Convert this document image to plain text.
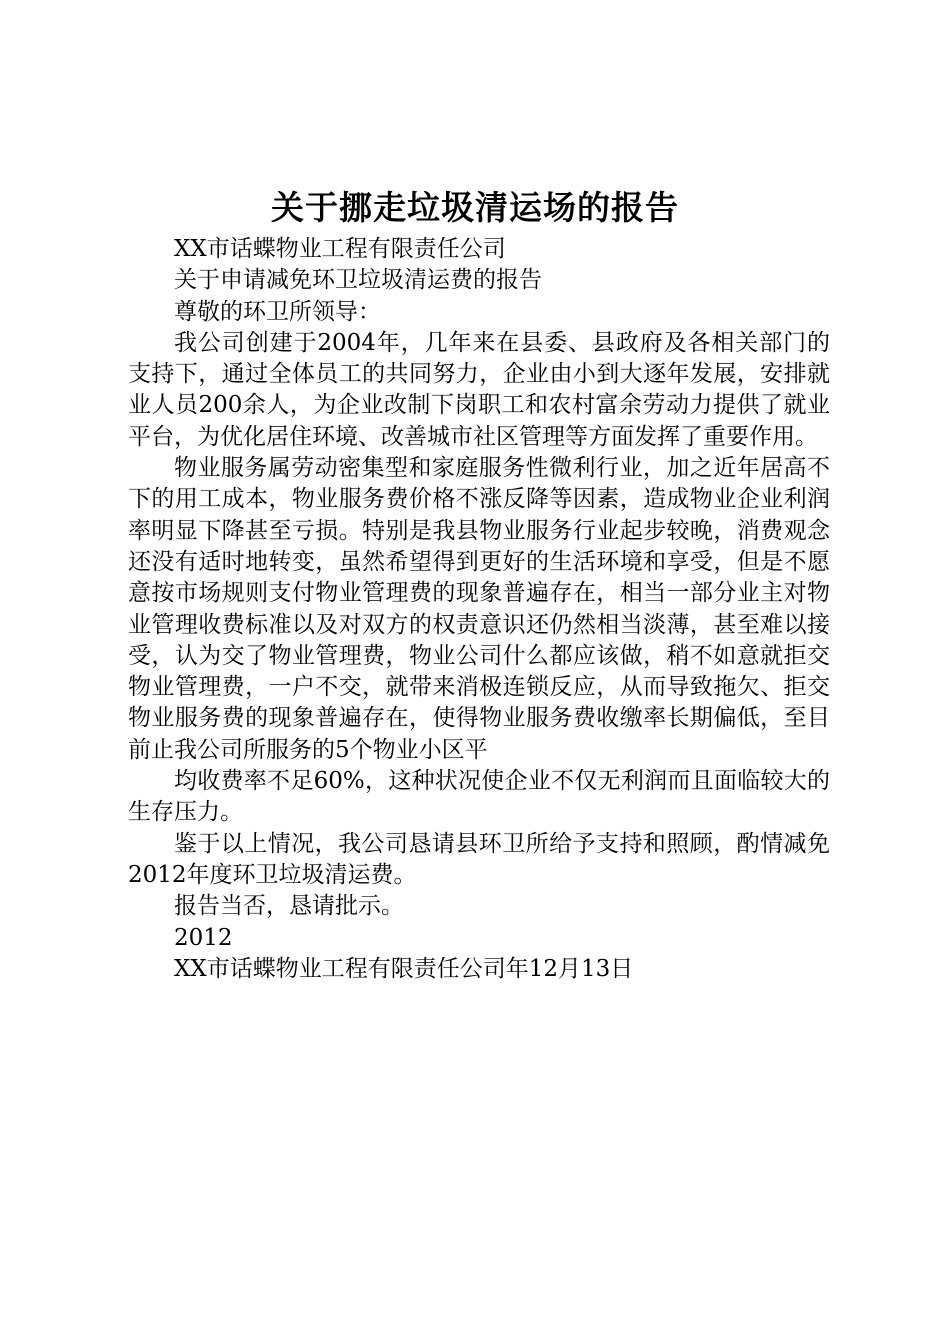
关于挪走垃圾清运场的报告

XX市话蝶物业工程有限责任公司

关于申请减免环卫垃圾清运费的报告

尊敬的环卫所领导：

我公司创建于2004年，几年来在县委、县政府及各相关部门的支持下，通过全体员工的共同努力，企业由小到大逐年发展，安排就业人员200余人，为企业改制下岗职工和农村富余劳动力提供了就业平台，为优化居住环境、改善城市社区管理等方面发挥了重要作用。

物业服务属劳动密集型和家庭服务性微利行业，加之近年居高不下的用工成本，物业服务费价格不涨反降等因素，造成物业企业利润率明显下降甚至亏损。特别是我县物业服务行业起步较晚，消费观念还没有适时地转变，虽然希望得到更好的生活环境和享受，但是不愿意按市场规则支付物业管理费的现象普遍存在，相当一部分业主对物业管理收费标准以及对双方的权责意识还仍然相当淡薄，甚至难以接受，认为交了物业管理费，物业公司什么都应该做，稍不如意就拒交物业管理费，一户不交，就带来消极连锁反应，从而导致拖欠、拒交物业服务费的现象普遍存在，使得物业服务费收缴率长期偏低，至目前止我公司所服务的5个物业小区平

均收费率不足60%，这种状况使企业不仅无利润而且面临较大的生存压力。

鉴于以上情况，我公司恳请县环卫所给予支持和照顾，酌情减免2012年度环卫垃圾清运费。

报告当否，恳请批示。

2012

XX市话蝶物业工程有限责任公司年12月13日
